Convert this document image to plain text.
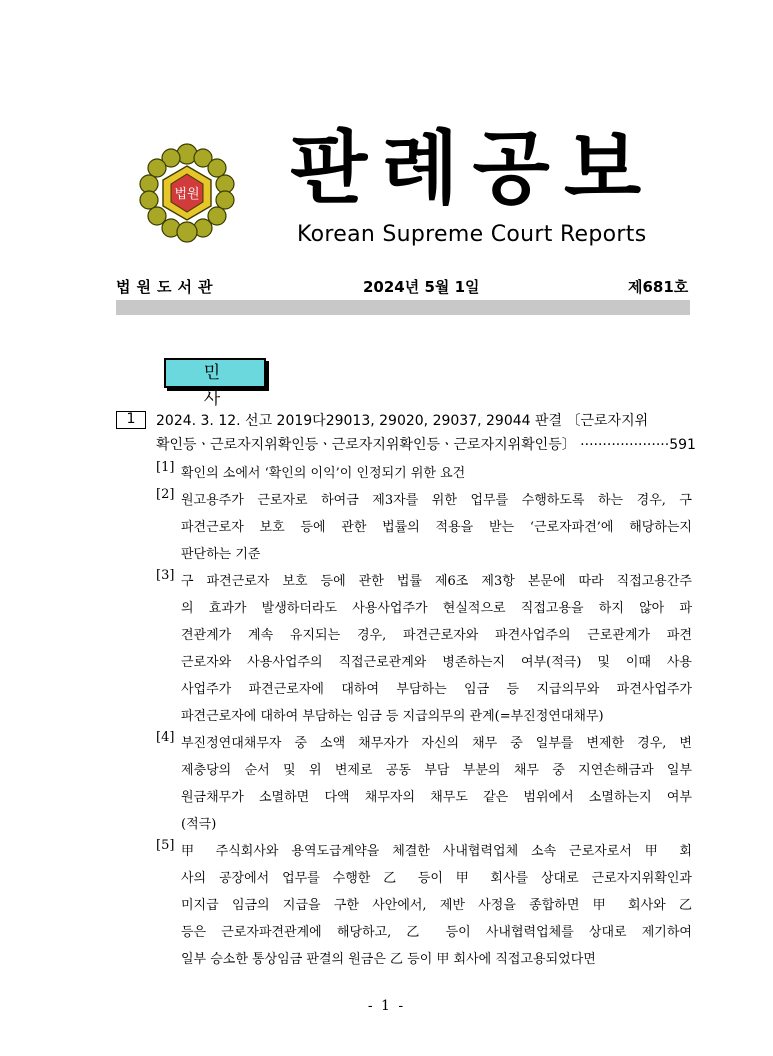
법원 판례공보
Korean Supreme Court Reports
법원도서관	2024년 5월 1일	제681호
민 사
1	2024. 3. 12. 선고 2019다29013, 29020, 29037, 29044 판결 〔근로자지위
확인등ㆍ근로자지위확인등ㆍ근로자지위확인등ㆍ근로자지위확인등〕 ····················591
[1] 확인의 소에서 ‘확인의 이익’이 인정되기 위한 요건
[2] 원고용주가 근로자로 하여금 제3자를 위한 업무를 수행하도록 하는 경우, 구
파견근로자 보호 등에 관한 법률의 적용을 받는 ‘근로자파견’에 해당하는지
판단하는 기준
[3] 구 파견근로자 보호 등에 관한 법률 제6조 제3항 본문에 따라 직접고용간주
의 효과가 발생하더라도 사용사업주가 현실적으로 직접고용을 하지 않아 파
견관계가 계속 유지되는 경우, 파견근로자와 파견사업주의 근로관계가 파견
근로자와 사용사업주의 직접근로관계와 병존하는지 여부(적극) 및 이때 사용
사업주가 파견근로자에 대하여 부담하는 임금 등 지급의무와 파견사업주가
파견근로자에 대하여 부담하는 임금 등 지급의무의 관계(=부진정연대채무)
[4] 부진정연대채무자 중 소액 채무자가 자신의 채무 중 일부를 변제한 경우, 변
제충당의 순서 및 위 변제로 공동 부담 부분의 채무 중 지연손해금과 일부
원금채무가 소멸하면 다액 채무자의 채무도 같은 범위에서 소멸하는지 여부
(적극)
[5] 甲 주식회사와 용역도급계약을 체결한 사내협력업체 소속 근로자로서 甲 회
사의 공장에서 업무를 수행한 乙 등이 甲 회사를 상대로 근로자지위확인과
미지급 임금의 지급을 구한 사안에서, 제반 사정을 종합하면 甲 회사와 乙
등은 근로자파견관계에 해당하고, 乙 등이 사내협력업체를 상대로 제기하여
일부 승소한 통상임금 판결의 원금은 乙 등이 甲 회사에 직접고용되었다면
- 1 -
